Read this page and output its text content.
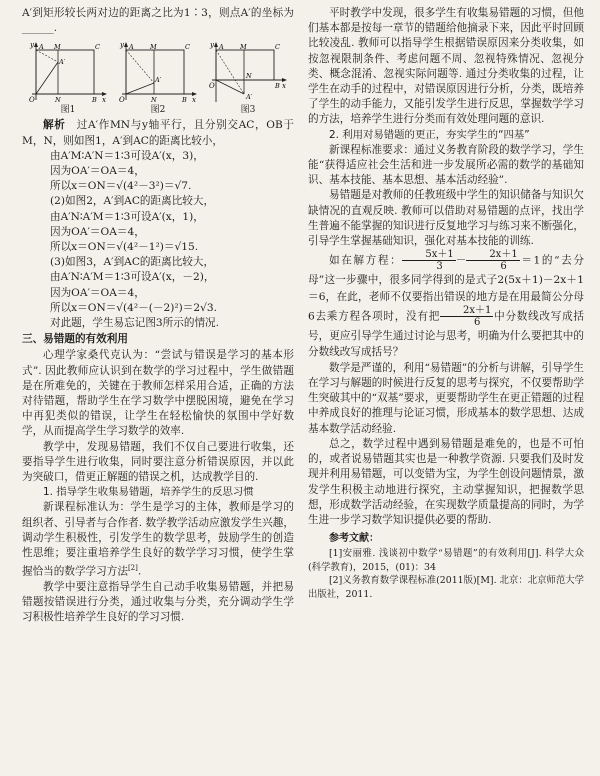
A′到矩形较长两对边的距离之比为1∶3，则点A′的坐标为______.

y
x
O
A M
A′
C
N	B
图1
y
x
O
A	M
A′
C
N	B
图2
y
x
O
A	M
A′
C
N
B
图3

解析　过A′作MN与y轴平行，且分别交AC，OB于M，N，则如图1，A′到AC的距离比较小，

由A′M∶A′N＝1∶3可设A′(x，3)，

因为OA′＝OA＝4，

所以x＝ON＝√(4²－3²)＝√7.

(2)如图2，A′到AC的距离比较大，

由A′N∶A′M＝1∶3可设A′(x，1)，

因为OA′＝OA＝4，

所以x＝ON＝√(4²－1²)＝√15.

(3)如图3，A′到AC的距离比较大，

由A′N∶A′M＝1∶3可设A′(x，－2)，

因为OA′＝OA＝4，

所以x＝ON＝√(4²－(－2)²)＝2√3.

对此题，学生易忘记图3所示的情况.

三、易错题的有效利用

心理学家桑代克认为：“尝试与错误是学习的基本形式”. 因此教师应认识到在数学的学习过程中，学生做错题是在所难免的，关键在于教师怎样采用合适，正确的方法对待错题，帮助学生在学习数学中摆脱困境，避免在学习中再犯类似的错误，让学生在轻松愉快的氛围中学好数学，从而提高学生学习数学的效率.

教学中，发现易错题，我们不仅自己要进行收集，还要指导学生进行收集，同时要注意分析错误原因，并以此为突破口，借更正解题的错误之机，达成教学目的.

1. 指导学生收集易错题，培养学生的反思习惯

新课程标准认为：学生是学习的主体，教师是学习的组织者、引导者与合作者. 数学教学活动应激发学生兴趣，调动学生积极性，引发学生的数学思考，鼓励学生的创造性思维；要注重培养学生良好的数学学习习惯，使学生掌握恰当的数学学习方法[2].

教学中要注意指导学生自己动手收集易错题，并把易错题按错误进行分类，通过收集与分类，充分调动学生学习积极性培养学生良好的学习习惯.

平时教学中发现，很多学生有收集易错题的习惯，但他们基本都是按每一章节的错题给他摘录下来，因此平时回顾比较凌乱. 教师可以指导学生根据错误原因来分类收集，如按忽视限制条件、考虑问题不周、忽视特殊情况、忽视分类、概念混淆、忽视实际问题等. 通过分类收集的过程，让学生在动手的过程中，对错误原因进行分析，分类，既培养了学生的动手能力，又能引发学生进行反思，掌握数学学习的方法，培养学生进行分类而有效处理问题的意识.

2. 利用对易错题的更正，夯实学生的“四基”

新课程标准要求：通过义务教育阶段的数学学习，学生能“获得适应社会生活和进一步发展所必需的数学的基础知识、基本技能、基本思想、基本活动经验”.

易错题是对教师的任教班级中学生的知识储备与知识欠缺情况的直观反映. 教师可以借助对易错题的点评，找出学生普遍不能掌握的知识进行反复地学习与练习来不断强化，引导学生掌握基础知识，强化对基本技能的训练.

如在解方程： $\frac{5x+1}{3} - \frac{2x+1}{6} =1$的“去分母”这一步骤中，很多同学得到的是式子2(5x＋1)－2x＋1＝6，在此，老师不仅要指出错误的地方是在用最简公分母6去乘方程各项时，没有把 $\frac{2x+1}{6}$ 中分数线改写成括号，更应引导学生通过讨论与思考，明确为什么要把其中的分数线改写成括号？

数学是严谨的，利用“易错题”的分析与讲解，引导学生在学习与解题的时候进行反复的思考与探究，不仅要帮助学生突破其中的“双基”要求，更要帮助学生在更正错题的过程中养成良好的推理与论证习惯，形成基本的数学思想、达成基本数学活动经验.

总之，数学过程中遇到易错题是难免的，也是不可怕的，或者说易错题其实也是一种教学资源. 只要我们及时发现并利用易错题，可以变错为宝，为学生创设问题情景，激发学生积极主动地进行探究，主动掌握知识，把握数学思想，形成数学活动经验，在实现数学质量提高的同时，为学生进一步学习数学知识提供必要的帮助.

参考文献：

[1]安丽雅. 浅谈初中数学“易错题”的有效利用[J]. 科学大众(科学教育)，2015，(01)：34

[2]义务教育数学课程标准(2011版)[M]. 北京：北京师范大学出版社，2011.
